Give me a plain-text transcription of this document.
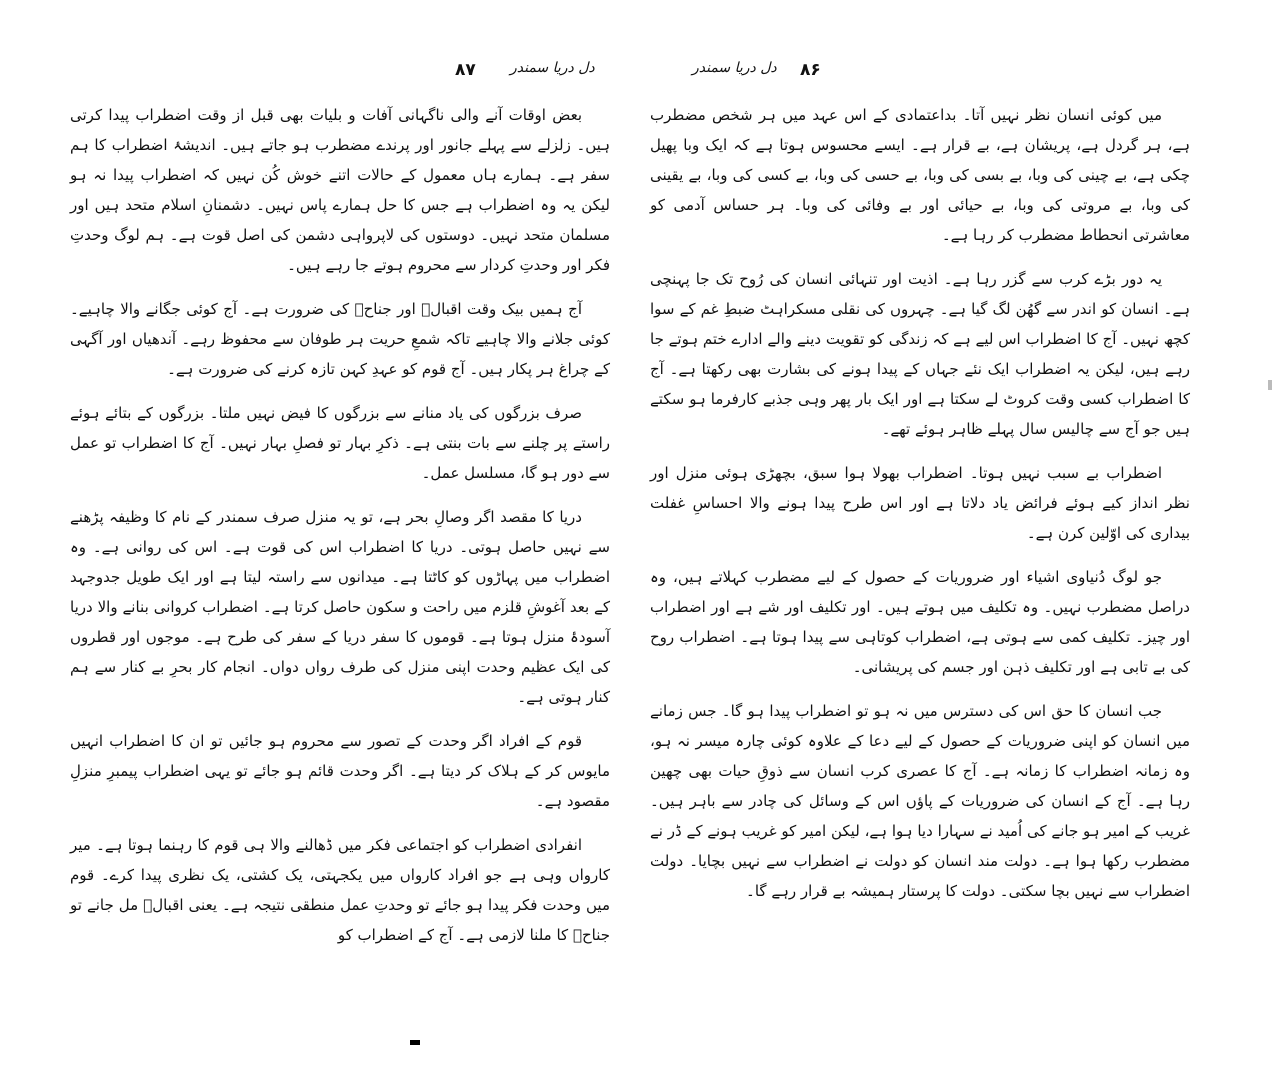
۸۶
دل دریا سمندر

میں کوئی انسان نظر نہیں آتا۔ بداعتمادی کے اس عہد میں ہر شخص مضطرب ہے، ہر گردل ہے، پریشان ہے، بے قرار ہے۔ ایسے محسوس ہوتا ہے کہ ایک وبا پھیل چکی ہے، بے چینی کی وبا، بے بسی کی وبا، بے حسی کی وبا، بے کسی کی وبا، بے یقینی کی وبا، بے مروتی کی وبا، بے حیائی اور بے وفائی کی وبا۔ ہر حساس آدمی کو معاشرتی انحطاط مضطرب کر رہا ہے۔

یہ دور بڑے کرب سے گزر رہا ہے۔ اذیت اور تنہائی انسان کی رُوح تک جا پہنچی ہے۔ انسان کو اندر سے گھُن لگ گیا ہے۔ چہروں کی نقلی مسکراہٹ ضبطِ غم کے سوا کچھ نہیں۔ آج کا اضطراب اس لیے ہے کہ زندگی کو تقویت دینے والے ادارے ختم ہوتے جا رہے ہیں، لیکن یہ اضطراب ایک نئے جہاں کے پیدا ہونے کی بشارت بھی رکھتا ہے۔ آج کا اضطراب کسی وقت کروٹ لے سکتا ہے اور ایک بار پھر وہی جذبے کارفرما ہو سکتے ہیں جو آج سے چالیس سال پہلے ظاہر ہوئے تھے۔

اضطراب بے سبب نہیں ہوتا۔ اضطراب بھولا ہوا سبق، بچھڑی ہوئی منزل اور نظر انداز کیے ہوئے فرائض یاد دلاتا ہے اور اس طرح پیدا ہونے والا احساسِ غفلت بیداری کی اوّلین کرن ہے۔

جو لوگ دُنیاوی اشیاء اور ضروریات کے حصول کے لیے مضطرب کہلاتے ہیں، وہ دراصل مضطرب نہیں۔ وہ تکلیف میں ہوتے ہیں۔ اور تکلیف اور شے ہے اور اضطراب اور چیز۔ تکلیف کمی سے ہوتی ہے، اضطراب کوتاہی سے پیدا ہوتا ہے۔ اضطراب روح کی بے تابی ہے اور تکلیف ذہن اور جسم کی پریشانی۔

جب انسان کا حق اس کی دسترس میں نہ ہو تو اضطراب پیدا ہو گا۔ جس زمانے میں انسان کو اپنی ضروریات کے حصول کے لیے دعا کے علاوہ کوئی چارہ میسر نہ ہو، وہ زمانہ اضطراب کا زمانہ ہے۔ آج کا عصری کرب انسان سے ذوقِ حیات بھی چھین رہا ہے۔ آج کے انسان کی ضروریات کے پاؤں اس کے وسائل کی چادر سے باہر ہیں۔ غریب کے امیر ہو جانے کی اُمید نے سہارا دیا ہوا ہے، لیکن امیر کو غریب ہونے کے ڈر نے مضطرب رکھا ہوا ہے۔ دولت مند انسان کو دولت نے اضطراب سے نہیں بچایا۔ دولت اضطراب سے نہیں بچا سکتی۔ دولت کا پرستار ہمیشہ بے قرار رہے گا۔

۸۷ دل دریا سمندر

بعض اوقات آنے والی ناگہانی آفات و بلیات بھی قبل از وقت اضطراب پیدا کرتی ہیں۔ زلزلے سے پہلے جانور اور پرندے مضطرب ہو جاتے ہیں۔ اندیشۂ اضطراب کا ہم سفر ہے۔ ہمارے ہاں معمول کے حالات اتنے خوش کُن نہیں کہ اضطراب پیدا نہ ہو لیکن یہ وہ اضطراب ہے جس کا حل ہمارے پاس نہیں۔ دشمنانِ اسلام متحد ہیں اور مسلمان متحد نہیں۔ دوستوں کی لاپرواہی دشمن کی اصل قوت ہے۔ ہم لوگ وحدتِ فکر اور وحدتِ کردار سے محروم ہوتے جا رہے ہیں۔

آج ہمیں بیک وقت اقبالؒ اور جناحؒ کی ضرورت ہے۔ آج کوئی جگانے والا چاہیے۔ کوئی جلانے والا چاہیے تاکہ شمعِ حریت ہر طوفان سے محفوظ رہے۔ آندھیاں اور آگہی کے چراغ ہر پکار ہیں۔ آج قوم کو عہدِ کہن تازہ کرنے کی ضرورت ہے۔

صرف بزرگوں کی یاد منانے سے بزرگوں کا فیض نہیں ملتا۔ بزرگوں کے بتائے ہوئے راستے پر چلنے سے بات بنتی ہے۔ ذکرِ بہار تو فصلِ بہار نہیں۔ آج کا اضطراب تو عمل سے دور ہو گا، مسلسل عمل۔

دریا کا مقصد اگر وصالِ بحر ہے، تو یہ منزل صرف سمندر کے نام کا وظیفہ پڑھنے سے نہیں حاصل ہوتی۔ دریا کا اضطراب اس کی قوت ہے۔ اس کی روانی ہے۔ وہ اضطراب میں پہاڑوں کو کاٹتا ہے۔ میدانوں سے راستہ لیتا ہے اور ایک طویل جدوجہد کے بعد آغوشِ قلزم میں راحت و سکون حاصل کرتا ہے۔ اضطراب کروانی بنانے والا دریا آسودۂ منزل ہوتا ہے۔ قوموں کا سفر دریا کے سفر کی طرح ہے۔ موجوں اور قطروں کی ایک عظیم وحدت اپنی منزل کی طرف رواں دواں۔ انجام کار بحرِ بے کنار سے ہم کنار ہوتی ہے۔

قوم کے افراد اگر وحدت کے تصور سے محروم ہو جائیں تو ان کا اضطراب انہیں مایوس کر کے ہلاک کر دیتا ہے۔ اگر وحدت قائم ہو جائے تو یہی اضطراب پیمبرِ منزلِ مقصود ہے۔

انفرادی اضطراب کو اجتماعی فکر میں ڈھالنے والا ہی قوم کا رہنما ہوتا ہے۔ میر کارواں وہی ہے جو افراد کارواں میں یکجہتی، یک کشتی، یک نظری پیدا کرے۔ قوم میں وحدت فکر پیدا ہو جائے تو وحدتِ عمل منطقی نتیجہ ہے۔ یعنی اقبالؒ مل جانے تو جناحؒ کا ملنا لازمی ہے۔ آج کے اضطراب کو
